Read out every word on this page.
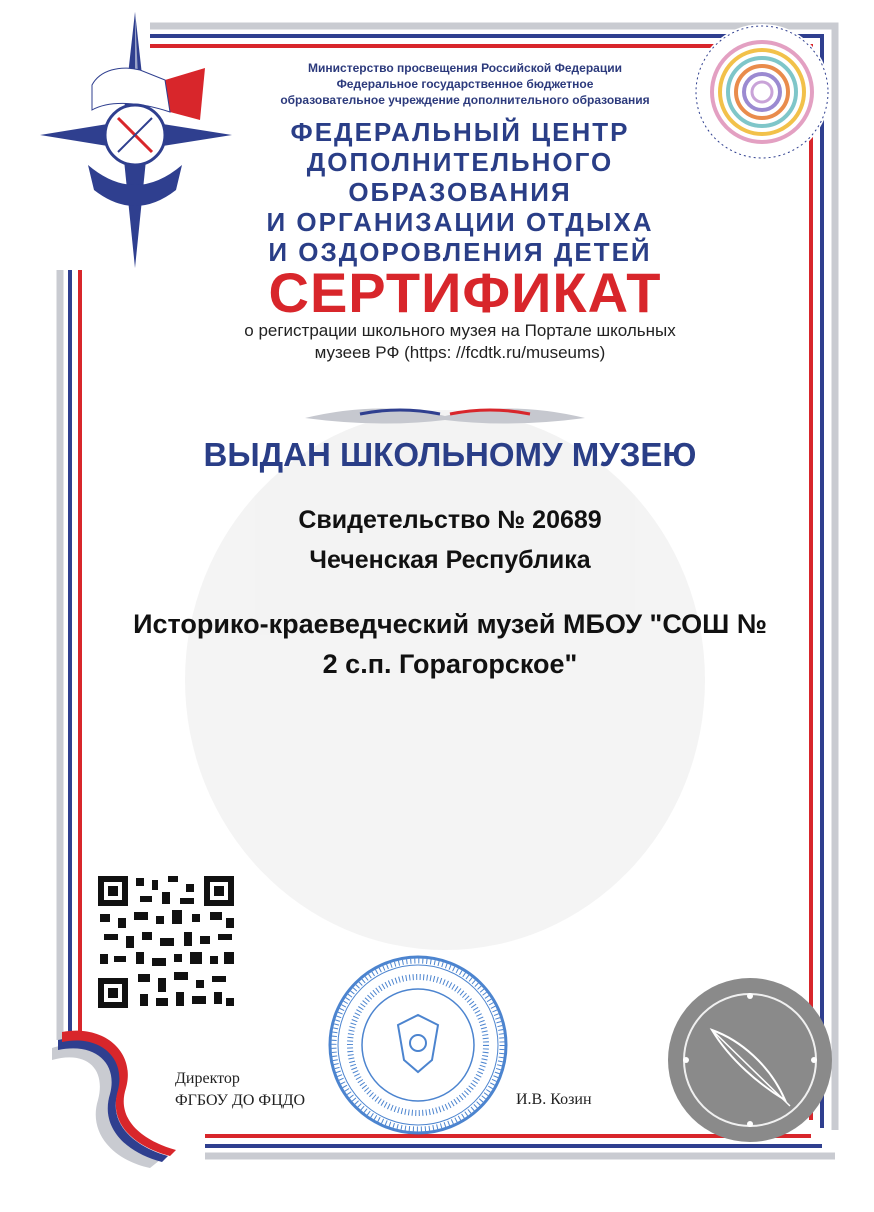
Министерство просвещения Российской Федерации
Федеральное государственное бюджетное
образовательное учреждение дополнительного образования
ФЕДЕРАЛЬНЫЙ ЦЕНТР
ДОПОЛНИТЕЛЬНОГО ОБРАЗОВАНИЯ
И ОРГАНИЗАЦИИ ОТДЫХА
И ОЗДОРОВЛЕНИЯ ДЕТЕЙ
СЕРТИФИКАТ
о регистрации школьного музея на Портале школьных
музеев РФ (https: //fcdtk.ru/museums)
ВЫДАН ШКОЛЬНОМУ МУЗЕЮ
Свидетельство № 20689
Чеченская Республика
Историко-краеведческий музей МБОУ "СОШ №
2 с.п. Горагорское"
Директор
ФГБОУ ДО ФЦДО	И.В. Козин
